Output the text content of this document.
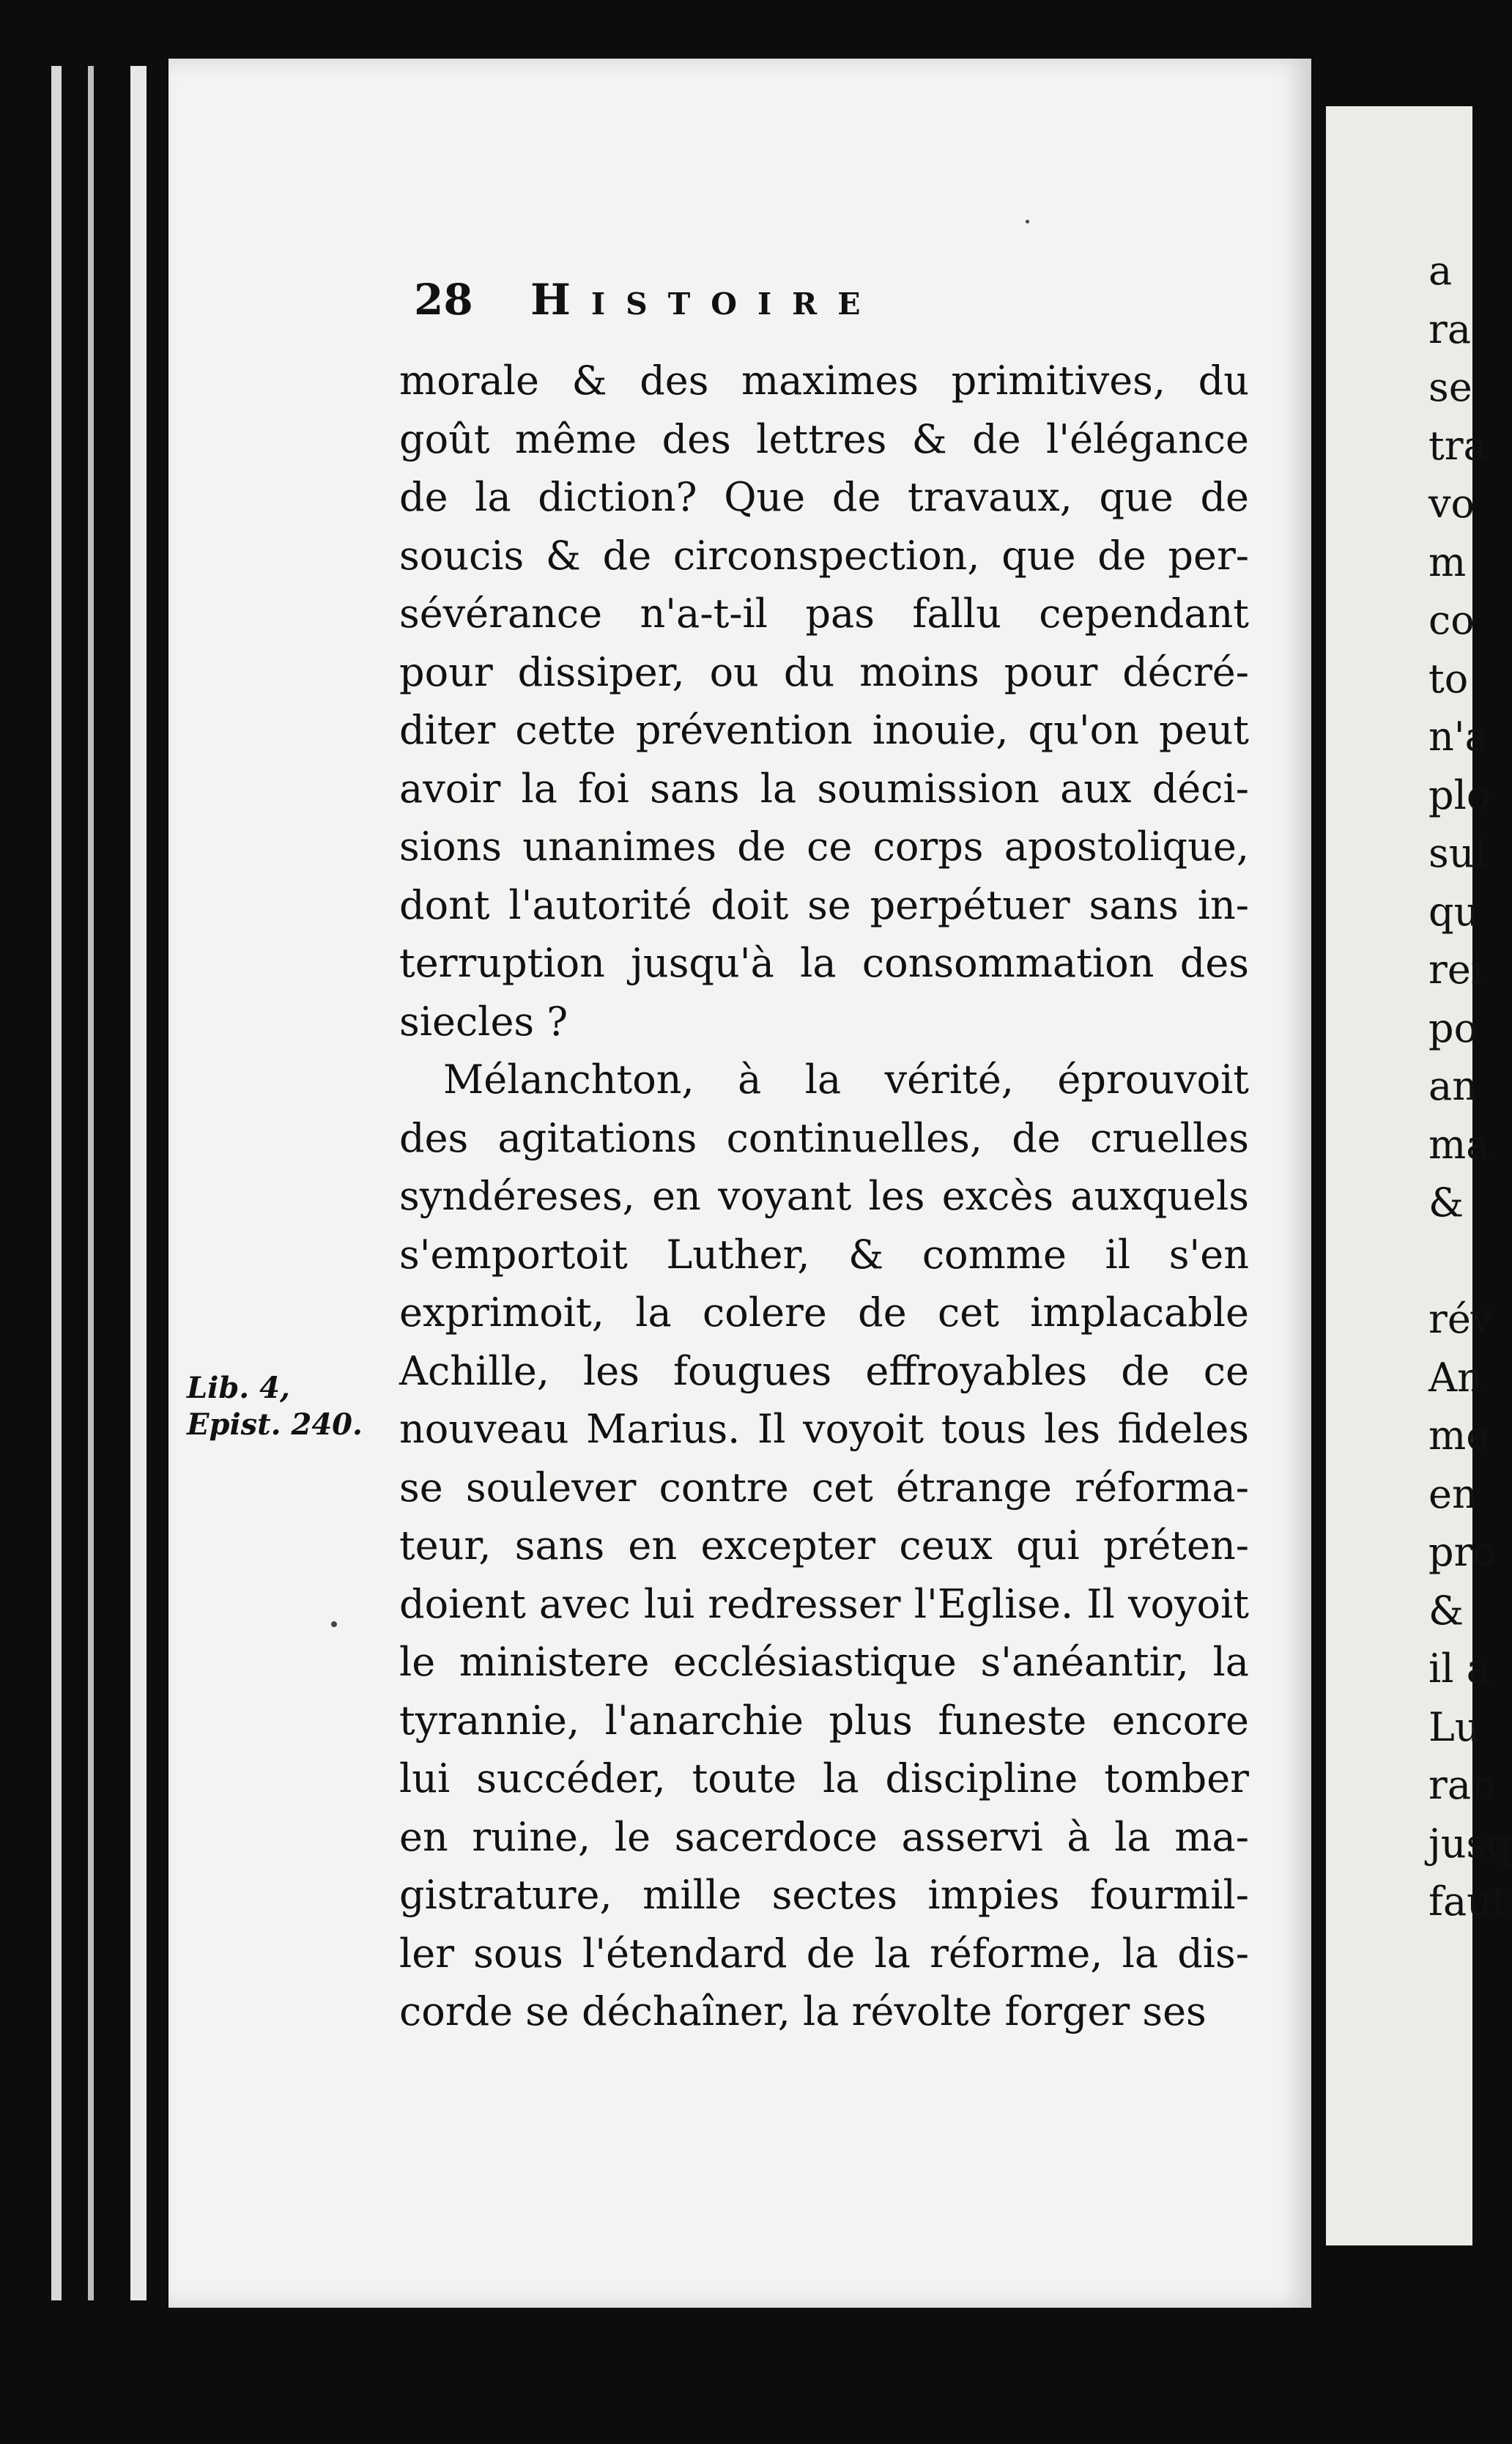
a
ra
se
tra
vo
m
co
to
n'a
plo
sul
qu
rei
po
an
ma
&
rév
An
me
en
pro
&
il a
Lu
ran
jusq
faut
28 Histoire
morale & des maximes primitives, du
goût même des lettres & de l'élégance
de la diction? Que de travaux, que de
soucis & de circonspection, que de per-
sévérance n'a-t-il pas fallu cependant
pour dissiper, ou du moins pour décré-
diter cette prévention inouie, qu'on peut
avoir la foi sans la soumission aux déci-
sions unanimes de ce corps apostolique,
dont l'autorité doit se perpétuer sans in-
terruption jusqu'à la consommation des
siecles ?
Mélanchton, à la vérité, éprouvoit
des agitations continuelles, de cruelles
syndéreses, en voyant les excès auxquels
s'emportoit Luther, & comme il s'en
exprimoit, la colere de cet implacable
Achille, les fougues effroyables de ce
nouveau Marius. Il voyoit tous les fideles
se soulever contre cet étrange réforma-
teur, sans en excepter ceux qui préten-
doient avec lui redresser l'Eglise. Il voyoit
le ministere ecclésiastique s'anéantir, la
tyrannie, l'anarchie plus funeste encore
lui succéder, toute la discipline tomber
en ruine, le sacerdoce asservi à la ma-
gistrature, mille sectes impies fourmil-
ler sous l'étendard de la réforme, la dis-
corde se déchaîner, la révolte forger ses
Lib. 4,
Epist. 240.
